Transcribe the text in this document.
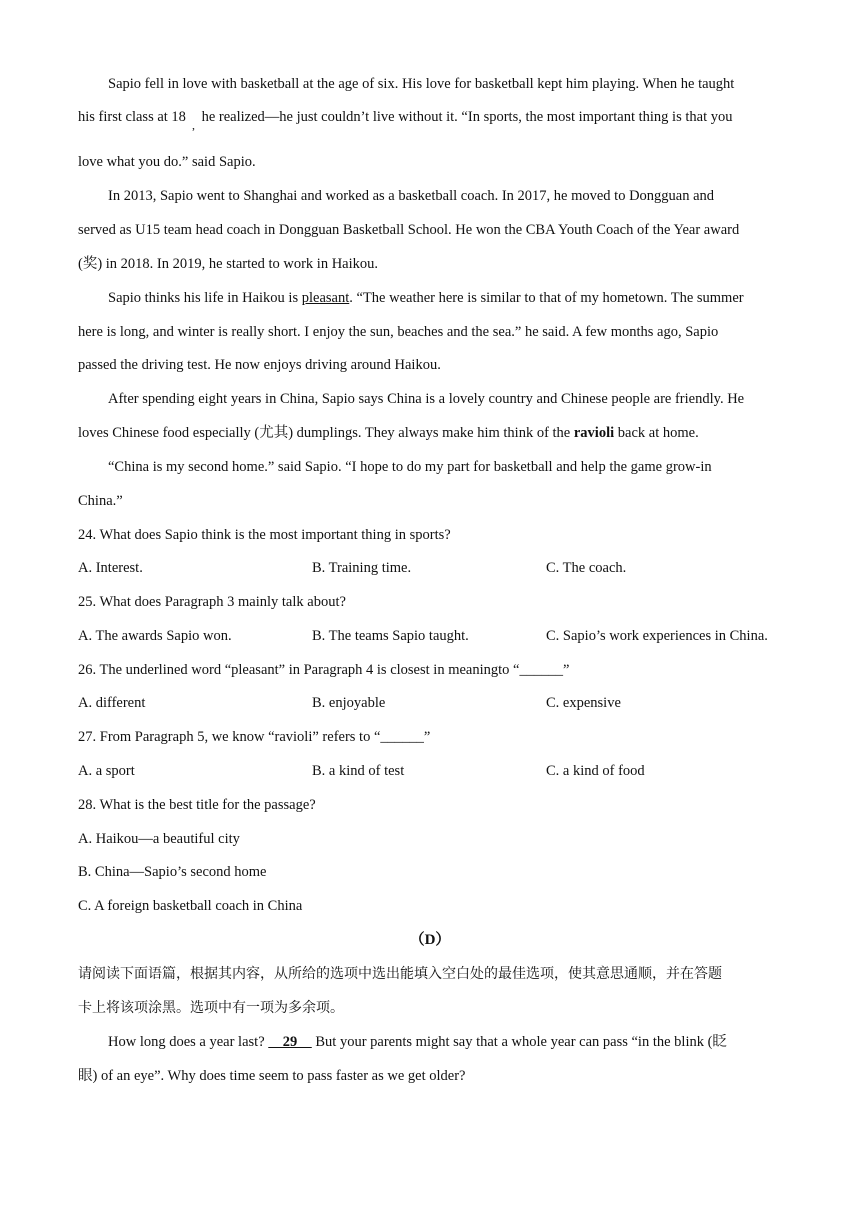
Sapio fell in love with basketball at the age of six. His love for basketball kept him playing. When he taught
his first class at 18 , he realized—he just couldn’t live without it. “In sports, the most important thing is that you
love what you do.” said Sapio.
In 2013, Sapio went to Shanghai and worked as a basketball coach. In 2017, he moved to Dongguan and
served as U15 team head coach in Dongguan Basketball School. He won the CBA Youth Coach of the Year award
(奖) in 2018. In 2019, he started to work in Haikou.
Sapio thinks his life in Haikou is pleasant. “The weather here is similar to that of my hometown. The summer
here is long, and winter is really short. I enjoy the sun, beaches and the sea.” he said. A few months ago, Sapio
passed the driving test. He now enjoys driving around Haikou.
After spending eight years in China, Sapio says China is a lovely country and Chinese people are friendly. He
loves Chinese food especially (尤其) dumplings. They always make him think of the ravioli back at home.
“China is my second home.” said Sapio. “I hope to do my part for basketball and help the game grow-in
China.”
24. What does Sapio think is the most important thing in sports?
A. Interest.	B. Training time.	C. The coach.
25. What does Paragraph 3 mainly talk about?
A. The awards Sapio won.	B. The teams Sapio taught.	C. Sapio’s work experiences in China.
26. The underlined word “pleasant” in Paragraph 4 is closest in meaningto “______”
A. different	B. enjoyable	C. expensive
27. From Paragraph 5, we know “ravioli” refers to “______”
A. a sport	B. a kind of test	C. a kind of food
28. What is the best title for the passage?
A. Haikou—a beautiful city
B. China—Sapio’s second home
C. A foreign basketball coach in China
（D）
请阅读下面语篇，根据其内容，从所给的选项中选出能填入空白处的最佳选项，使其意思通顺，并在答题
卡上将该项涂黑。选项中有一项为多余项。
How long does a year last?     29     But your parents might say that a whole year can pass “in the blink (眨
眼) of an eye”. Why does time seem to pass faster as we get older?
